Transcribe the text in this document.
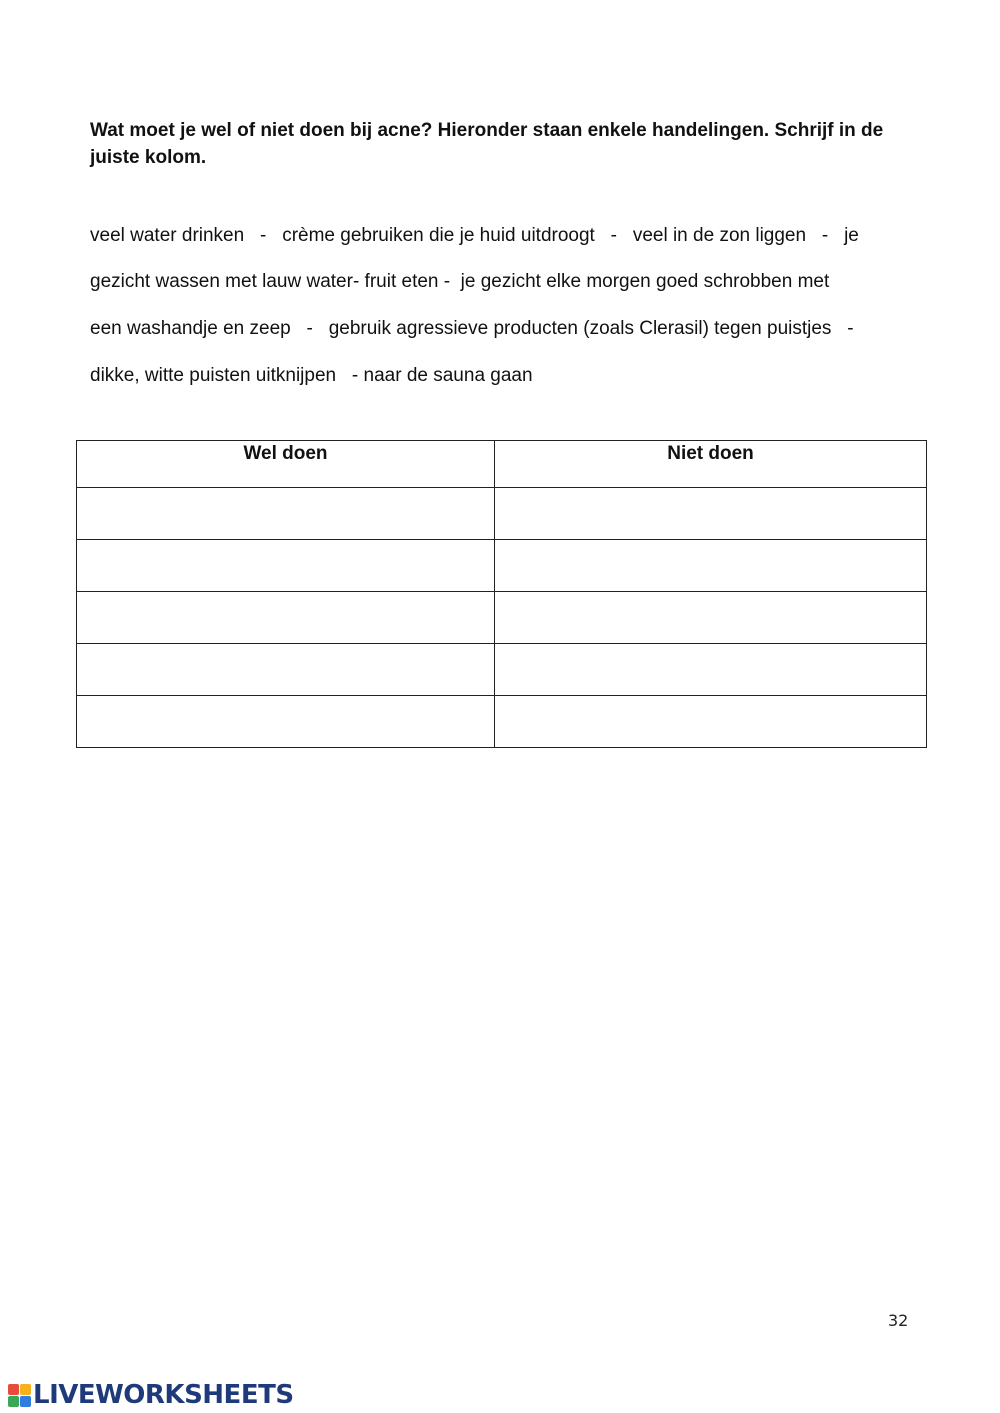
Wat moet je wel of niet doen bij acne? Hieronder staan enkele handelingen. Schrijf in de juiste kolom.

veel water drinken   -   crème gebruiken die je huid uitdroogt   -   veel in de zon liggen   -   je

gezicht wassen met lauw water- fruit eten -  je gezicht elke morgen goed schrobben met

een washandje en zeep   -   gebruik agressieve producten (zoals Clerasil) tegen puistjes   -

dikke, witte puisten uitknijpen   - naar de sauna gaan

Wel doen	Niet doen

32
LIVEWORKSHEETS
